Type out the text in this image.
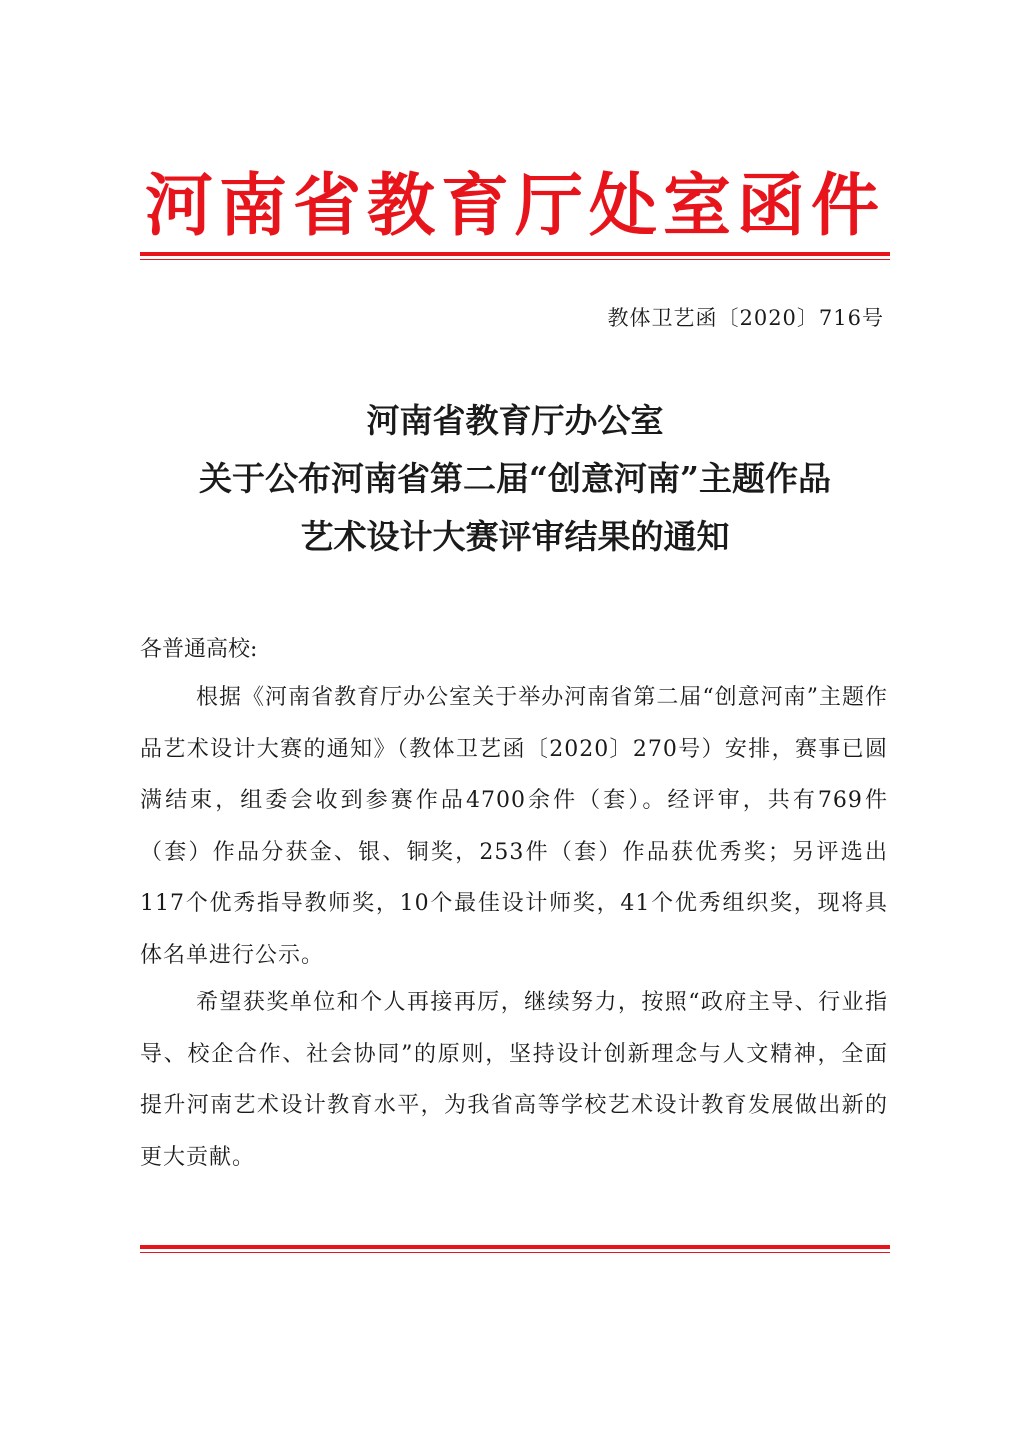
河南省教育厅处室函件
教体卫艺函〔2020〕716号
河南省教育厅办公室
关于公布河南省第二届“创意河南”主题作品
艺术设计大赛评审结果的通知
各普通高校:
根据《河南省教育厅办公室关于举办河南省第二届“创意河南”主题作品艺术设计大赛的通知》（教体卫艺函〔2020〕270号）安排，赛事已圆满结束，组委会收到参赛作品4700余件（套）。经评审，共有769件（套）作品分获金、银、铜奖，253件（套）作品获优秀奖；另评选出117个优秀指导教师奖，10个最佳设计师奖，41个优秀组织奖，现将具体名单进行公示。
希望获奖单位和个人再接再厉，继续努力，按照“政府主导、行业指导、校企合作、社会协同”的原则，坚持设计创新理念与人文精神，全面提升河南艺术设计教育水平，为我省高等学校艺术设计教育发展做出新的更大贡献。
